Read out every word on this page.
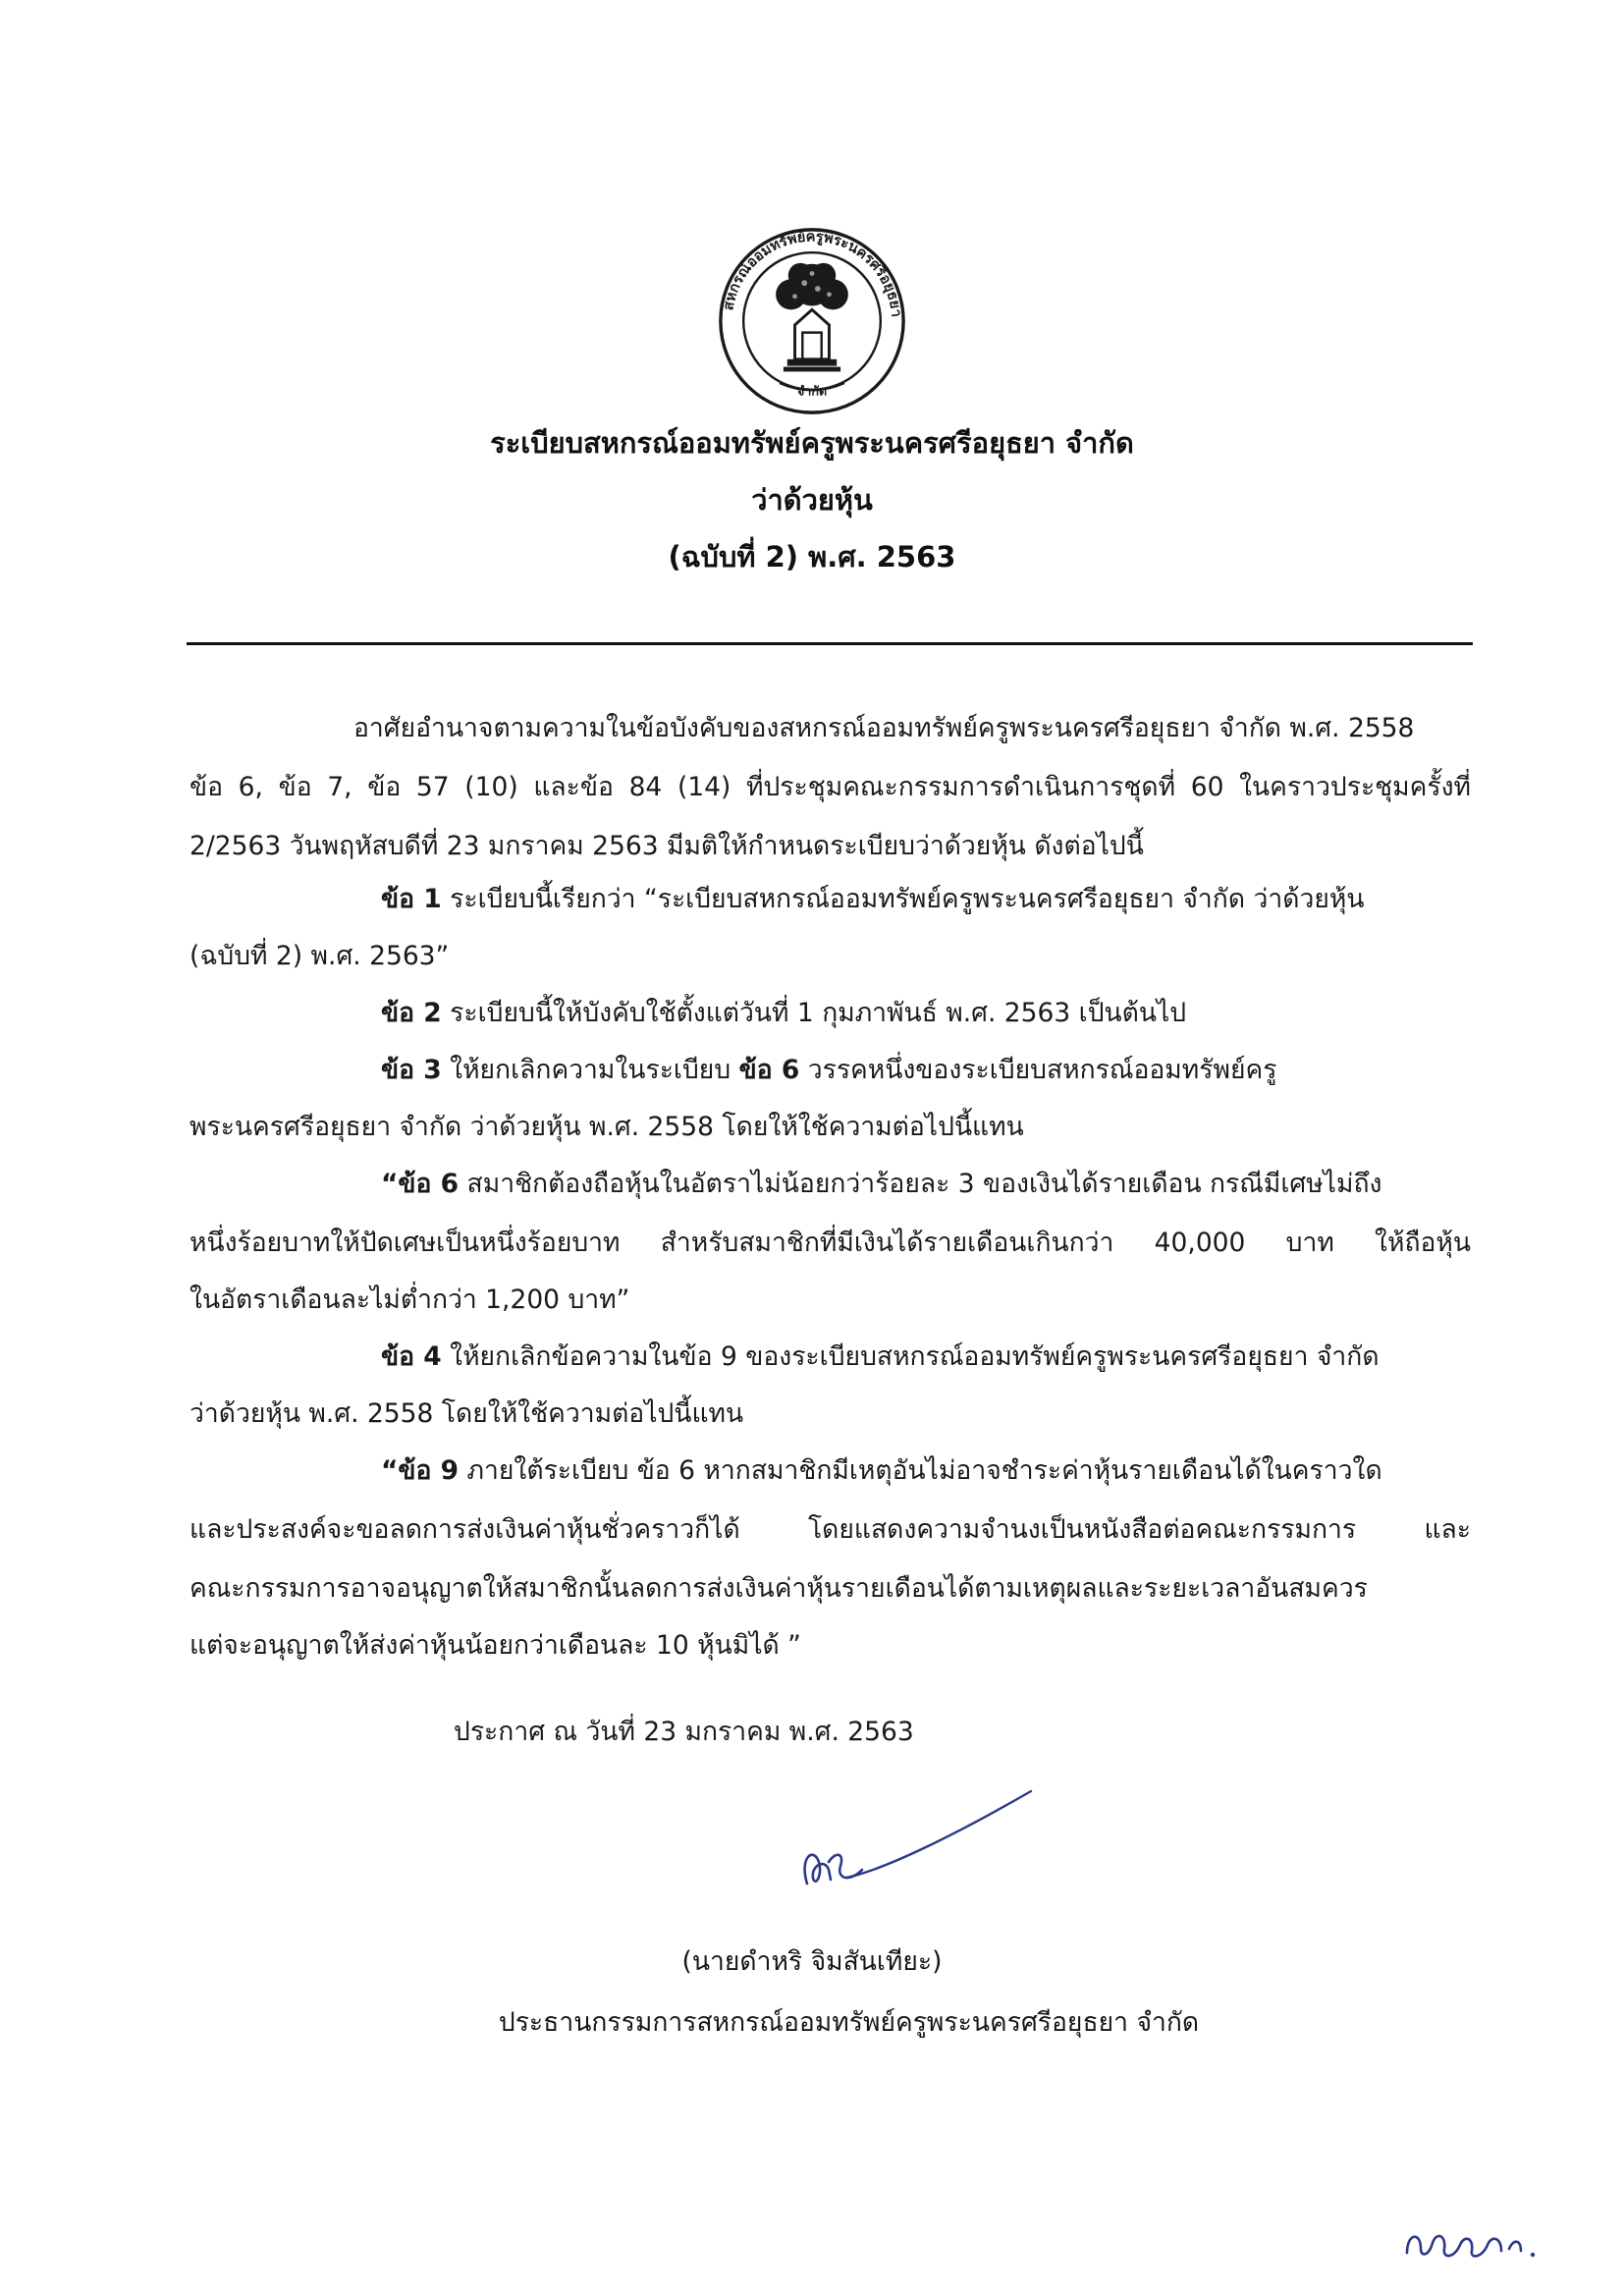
สหกรณ์ออมทรัพย์ครูพระนครศรีอยุธยา
จำกัด
ระเบียบสหกรณ์ออมทรัพย์ครูพระนครศรีอยุธยา จำกัด
ว่าด้วยหุ้น
(ฉบับที่ 2) พ.ศ. 2563
อาศัยอำนาจตามความในข้อบังคับของสหกรณ์ออมทรัพย์ครูพระนครศรีอยุธยา จำกัด พ.ศ. 2558
ข้อ 6, ข้อ 7, ข้อ 57 (10) และข้อ 84 (14) ที่ประชุมคณะกรรมการดำเนินการชุดที่ 60 ในคราวประชุมครั้งที่
2/2563 วันพฤหัสบดีที่ 23 มกราคม 2563 มีมติให้กำหนดระเบียบว่าด้วยหุ้น ดังต่อไปนี้
ข้อ 1 ระเบียบนี้เรียกว่า “ระเบียบสหกรณ์ออมทรัพย์ครูพระนครศรีอยุธยา จำกัด ว่าด้วยหุ้น
(ฉบับที่ 2) พ.ศ. 2563”
ข้อ 2 ระเบียบนี้ให้บังคับใช้ตั้งแต่วันที่ 1 กุมภาพันธ์ พ.ศ. 2563 เป็นต้นไป
ข้อ 3 ให้ยกเลิกความในระเบียบ ข้อ 6 วรรคหนึ่งของระเบียบสหกรณ์ออมทรัพย์ครู
พระนครศรีอยุธยา จำกัด ว่าด้วยหุ้น พ.ศ. 2558 โดยให้ใช้ความต่อไปนี้แทน
“ข้อ 6 สมาชิกต้องถือหุ้นในอัตราไม่น้อยกว่าร้อยละ 3 ของเงินได้รายเดือน กรณีมีเศษไม่ถึง
หนึ่งร้อยบาทให้ปัดเศษเป็นหนึ่งร้อยบาท สำหรับสมาชิกที่มีเงินได้รายเดือนเกินกว่า 40,000 บาท ให้ถือหุ้น
ในอัตราเดือนละไม่ต่ำกว่า 1,200 บาท”
ข้อ 4 ให้ยกเลิกข้อความในข้อ 9 ของระเบียบสหกรณ์ออมทรัพย์ครูพระนครศรีอยุธยา จำกัด
ว่าด้วยหุ้น พ.ศ. 2558 โดยให้ใช้ความต่อไปนี้แทน
“ข้อ 9 ภายใต้ระเบียบ ข้อ 6 หากสมาชิกมีเหตุอันไม่อาจชำระค่าหุ้นรายเดือนได้ในคราวใด
และประสงค์จะขอลดการส่งเงินค่าหุ้นชั่วคราวก็ได้ โดยแสดงความจำนงเป็นหนังสือต่อคณะกรรมการ และ
คณะกรรมการอาจอนุญาตให้สมาชิกนั้นลดการส่งเงินค่าหุ้นรายเดือนได้ตามเหตุผลและระยะเวลาอันสมควร
แต่จะอนุญาตให้ส่งค่าหุ้นน้อยกว่าเดือนละ 10 หุ้นมิได้ ”
ประกาศ ณ วันที่ 23 มกราคม พ.ศ. 2563
(นายดำหริ จิมสันเทียะ)
ประธานกรรมการสหกรณ์ออมทรัพย์ครูพระนครศรีอยุธยา จำกัด
